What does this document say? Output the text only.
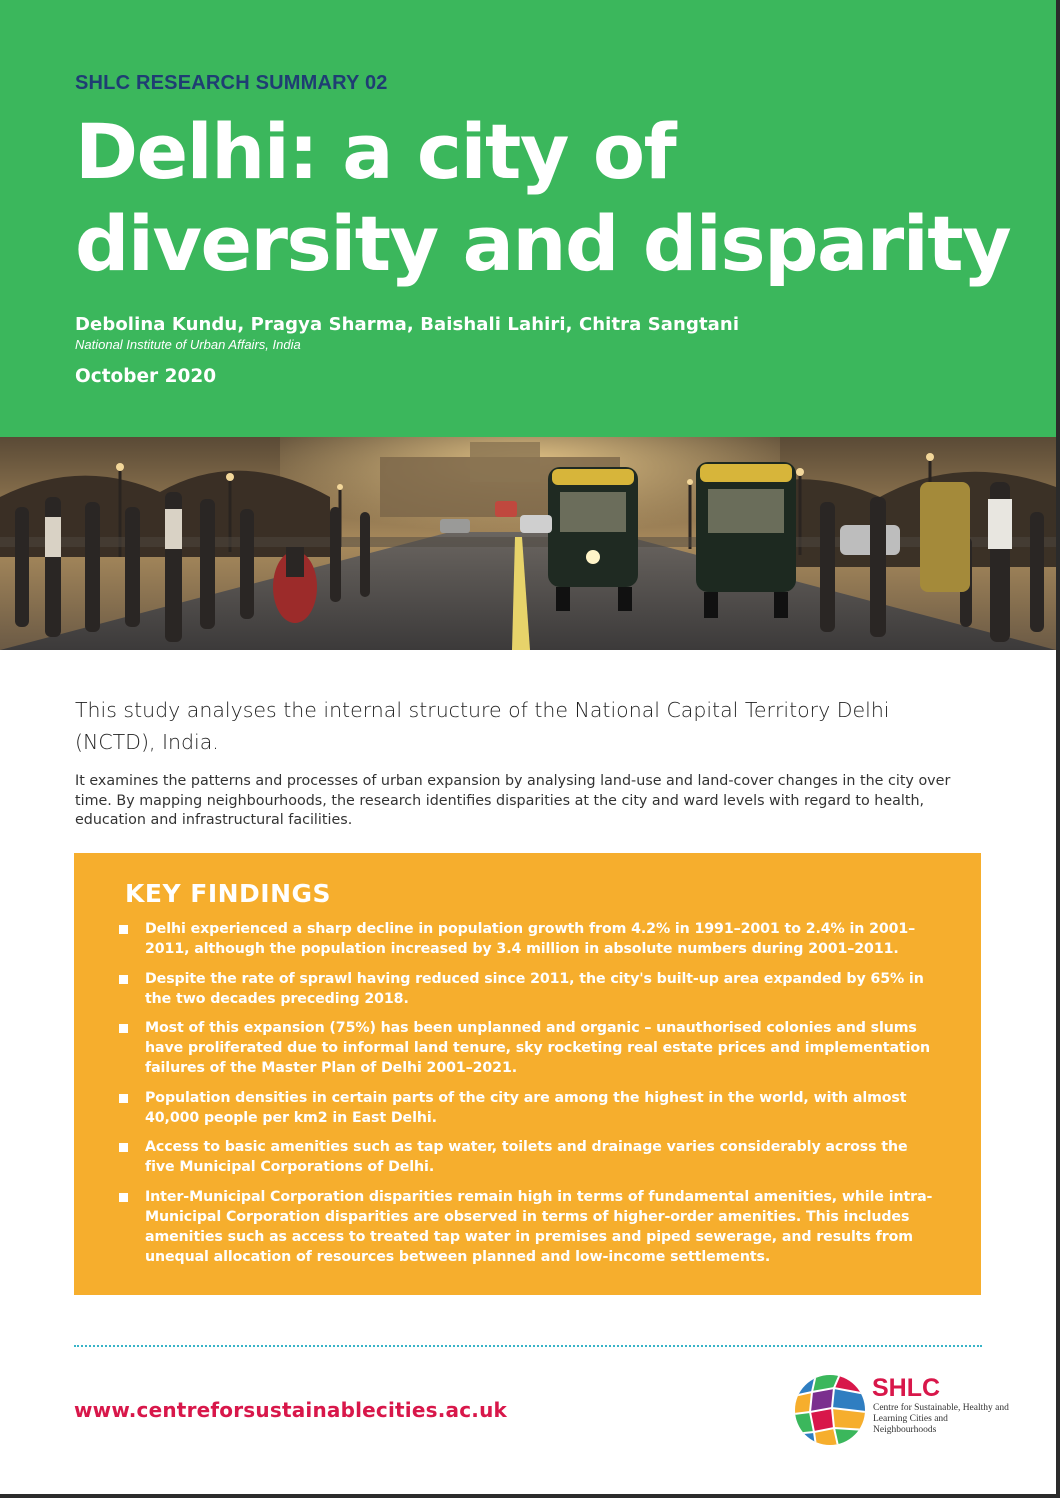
SHLC RESEARCH SUMMARY 02
Delhi: a city of
diversity and disparity
Debolina Kundu, Pragya Sharma, Baishali Lahiri, Chitra Sangtani
National Institute of Urban Affairs, India
October 2020
This study analyses the internal structure of the National Capital Territory Delhi (NCTD), India.
It examines the patterns and processes of urban expansion by analysing land-use and land-cover changes in the city over time. By mapping neighbourhoods, the research identifies disparities at the city and ward levels with regard to health, education and infrastructural facilities.
KEY FINDINGS
Delhi experienced a sharp decline in population growth from 4.2% in 1991–2001 to 2.4% in 2001–2011, although the population increased by 3.4 million in absolute numbers during 2001–2011.
Despite the rate of sprawl having reduced since 2011, the city's built-up area expanded by 65% in the two decades preceding 2018.
Most of this expansion (75%) has been unplanned and organic – unauthorised colonies and slums have proliferated due to informal land tenure, sky rocketing real estate prices and implementation failures of the Master Plan of Delhi 2001–2021.
Population densities in certain parts of the city are among the highest in the world, with almost 40,000 people per km2 in East Delhi.
Access to basic amenities such as tap water, toilets and drainage varies considerably across the five Municipal Corporations of Delhi.
Inter-Municipal Corporation disparities remain high in terms of fundamental amenities, while intra-Municipal Corporation disparities are observed in terms of higher-order amenities. This includes amenities such as access to treated tap water in premises and piped sewerage, and results from unequal allocation of resources between planned and low-income settlements.
www.centreforsustainablecities.ac.uk
SHLC
Centre for Sustainable, Healthy and Learning Cities and Neighbourhoods
